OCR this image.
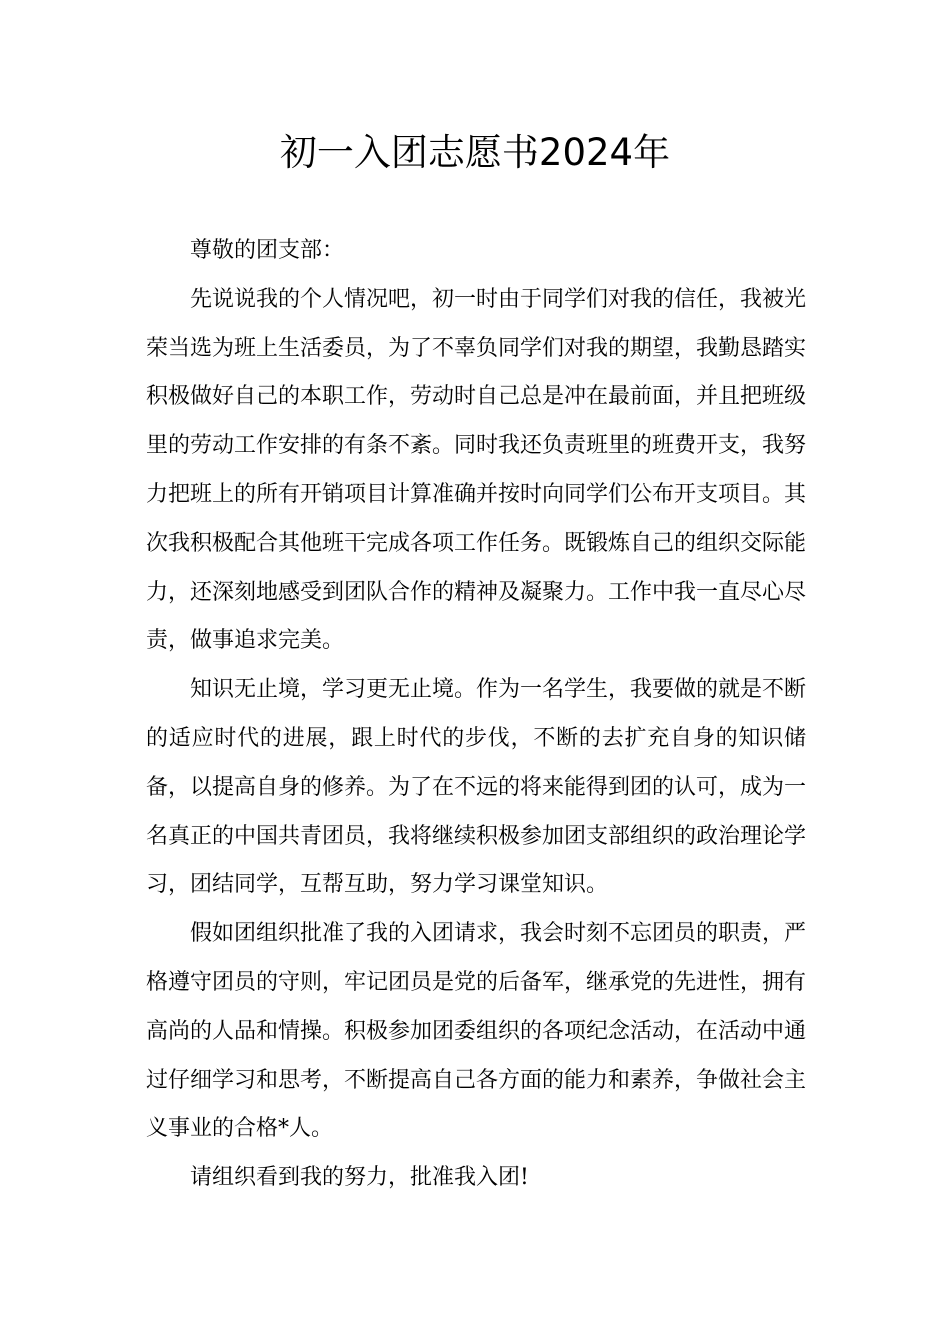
初一入团志愿书2024年

尊敬的团支部：

先说说我的个人情况吧，初一时由于同学们对我的信任，我被光荣当选为班上生活委员，为了不辜负同学们对我的期望，我勤恳踏实积极做好自己的本职工作，劳动时自己总是冲在最前面，并且把班级里的劳动工作安排的有条不紊。同时我还负责班里的班费开支，我努力把班上的所有开销项目计算准确并按时向同学们公布开支项目。其次我积极配合其他班干完成各项工作任务。既锻炼自己的组织交际能力，还深刻地感受到团队合作的精神及凝聚力。工作中我一直尽心尽责，做事追求完美。

知识无止境，学习更无止境。作为一名学生，我要做的就是不断的适应时代的进展，跟上时代的步伐，不断的去扩充自身的知识储备，以提高自身的修养。为了在不远的将来能得到团的认可，成为一名真正的中国共青团员，我将继续积极参加团支部组织的政治理论学习，团结同学，互帮互助，努力学习课堂知识。

假如团组织批准了我的入团请求，我会时刻不忘团员的职责，严格遵守团员的守则，牢记团员是党的后备军，继承党的先进性，拥有高尚的人品和情操。积极参加团委组织的各项纪念活动，在活动中通过仔细学习和思考，不断提高自己各方面的能力和素养，争做社会主义事业的合格*人。

请组织看到我的努力，批准我入团!
